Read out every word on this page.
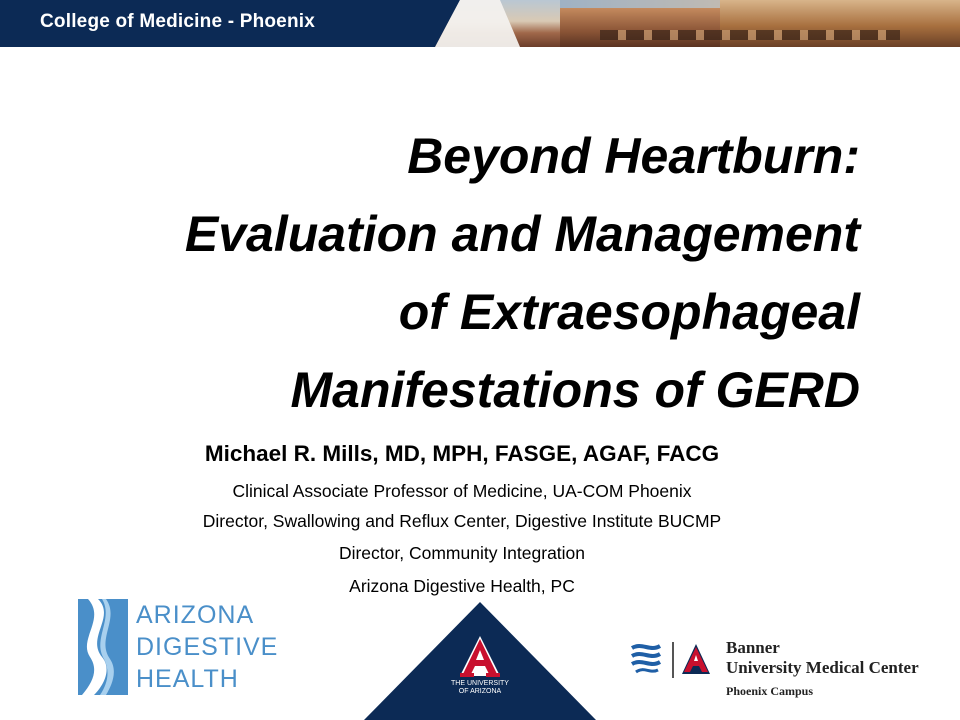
College of Medicine - Phoenix
Beyond Heartburn:
Evaluation and Management
of Extraesophageal
Manifestations of GERD
Michael R. Mills, MD, MPH, FASGE, AGAF, FACG
Clinical Associate Professor of Medicine, UA-COM Phoenix
Director, Swallowing and Reflux Center, Digestive Institute BUCMP
Director, Community Integration
Arizona Digestive Health, PC
ARIZONA
DIGESTIVE
HEALTH	THE UNIVERSITY
OF ARIZONA
Banner
University Medical Center
Phoenix Campus
